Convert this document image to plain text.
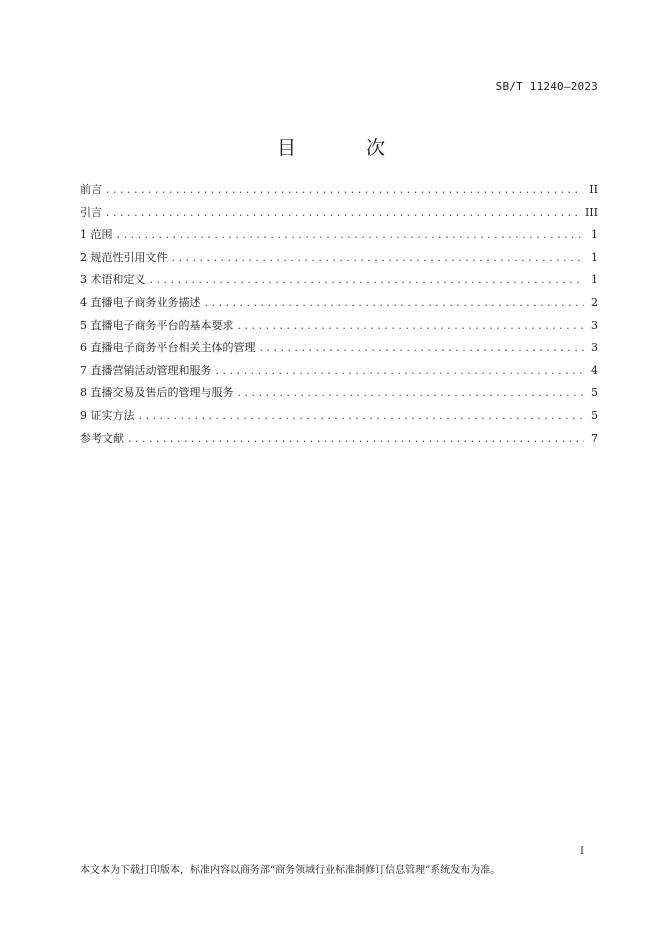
SB/T 11240—2023
目 次
前言 . . .	II
引言 . . .	III
1 范围 . . .	1
2 规范性引用文件 . . .	1
3 术语和定义 . . .	1
4 直播电子商务业务描述 . . .	2
5 直播电子商务平台的基本要求 . . .	3
6 直播电子商务平台相关主体的管理 . . .	3
7 直播营销活动管理和服务 . . .	4
8 直播交易及售后的管理与服务 . . .	5
9 证实方法 . . .	5
参考文献 . . .	7
I
本文本为下载打印版本，标准内容以商务部“商务领域行业标准制修订信息管理”系统发布为准。
